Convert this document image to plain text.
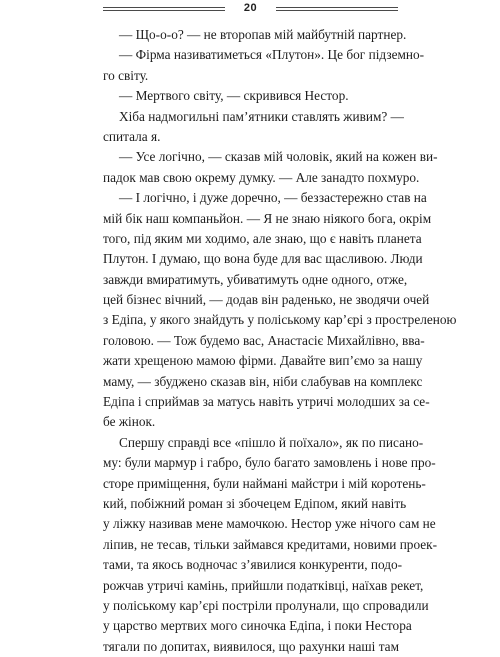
20
— Що-о-о? — не второпав мій майбутній партнер.
— Фірма називатиметься «Плутон». Це бог підземно-
го світу.
— Мертвого світу, — скривився Нестор.
Хіба надмогильні пам’ятники ставлять живим? —
спитала я.
— Усе логічно, — сказав мій чоловік, який на кожен ви-
падок мав свою окрему думку. — Але занадто похмуро.
— І логічно, і дуже доречно, — беззастережно став на
мій бік наш компаньйон. — Я не знаю ніякого бога, окрім
того, під яким ми ходимо, але знаю, що є навіть планета
Плутон. І думаю, що вона буде для вас щасливою. Люди
завжди вмиратимуть, убиватимуть одне одного, отже,
цей бізнес вічний, — додав він раденько, не зводячи очей
з Едіпа, у якого знайдуть у поліському кар’єрі з простреленою
головою. — Тож будемо вас, Анастасіє Михайлівно, вва-
жати хрещеною мамою фірми. Давайте вип’ємо за нашу
маму, — збуджено сказав він, ніби слабував на комплекс
Едіпа і сприймав за матусь навіть утричі молодших за се-
бе жінок.
Спершу справді все «пішло й поїхало», як по писано-
му: були мармур і габро, було багато замовлень і нове про-
сторе приміщення, були наймані майстри і мій коротень-
кий, побіжний роман зі збочецем Едіпом, який навіть
у ліжку називав мене мамочкою. Нестор уже нічого сам не
ліпив, не тесав, тільки займався кредитами, новими проек-
тами, та якось водночас з’явилися конкуренти, подо-
рожчав утричі камінь, прийшли податківці, наїхав рекет,
у поліському кар’єрі постріли пролунали, що спровадили
у царство мертвих мого синочка Едіпа, і поки Нестора
тягали по допитах, виявилося, що рахунки наші там
